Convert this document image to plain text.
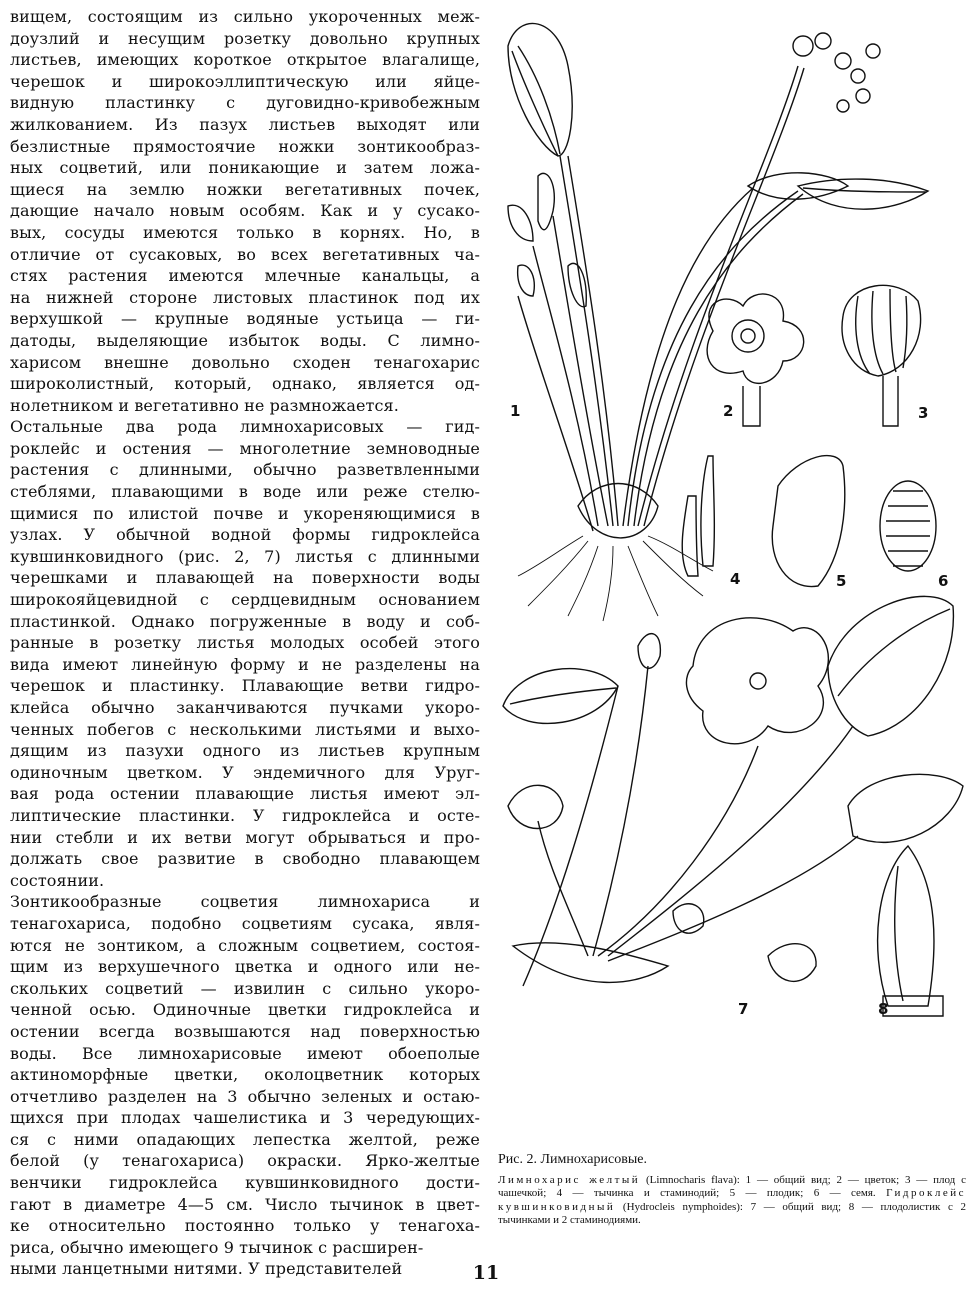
вищем, состоящим из сильно укороченных меж-
доузлий и несущим розетку довольно крупных
листьев, имеющих короткое открытое влагалище,
черешок и широкоэллиптическую или яйце-
видную пластинку с дуговидно-кривобежным
жилкованием. Из пазух листьев выходят или
безлистные прямостоячие ножки зонтикообраз-
ных соцветий, или поникающие и затем ложа-
щиеся на землю ножки вегетативных почек,
дающие начало новым особям. Как и у сусако-
вых, сосуды имеются только в корнях. Но, в
отличие от сусаковых, во всех вегетативных ча-
стях растения имеются млечные канальцы, а
на нижней стороне листовых пластинок под их
верхушкой — крупные водяные устьица — ги-
датоды, выделяющие избыток воды. С лимно-
харисом внешне довольно сходен тенагохарис
широколистный, который, однако, является од-
нолетником и вегетативно не размножается.
Остальные два рода лимнохарисовых — гид-
роклейс и остения — многолетние земноводные
растения с длинными, обычно разветвленными
стеблями, плавающими в воде или реже стелю-
щимися по илистой почве и укореняющимися в
узлах. У обычной водной формы гидроклейса
кувшинковидного (рис. 2, 7) листья с длинными
черешками и плавающей на поверхности воды
широкояйцевидной с сердцевидным основанием
пластинкой. Однако погруженные в воду и соб-
ранные в розетку листья молодых особей этого
вида имеют линейную форму и не разделены на
черешок и пластинку. Плавающие ветви гидро-
клейса обычно заканчиваются пучками укоро-
ченных побегов с несколькими листьями и выхо-
дящим из пазухи одного из листьев крупным
одиночным цветком. У эндемичного для Уруг-
вая рода остении плавающие листья имеют эл-
липтические пластинки. У гидроклейса и осте-
нии стебли и их ветви могут обрываться и про-
должать свое развитие в свободно плавающем
состоянии.
Зонтикообразные соцветия лимнохариса и
тенагохариса, подобно соцветиям сусака, явля-
ются не зонтиком, а сложным соцветием, состоя-
щим из верхушечного цветка и одного или не-
скольких соцветий — извилин с сильно укоро-
ченной осью. Одиночные цветки гидроклейса и
остении всегда возвышаются над поверхностью
воды. Все лимнохарисовые имеют обоеполые
актиноморфные цветки, околоцветник которых
отчетливо разделен на 3 обычно зеленых и остаю-
щихся при плодах чашелистика и 3 чередующих-
ся с ними опадающих лепестка желтой, реже
белой (у тенагохариса) окраски. Ярко-желтые
венчики гидроклейса кувшинковидного дости-
гают в диаметре 4—5 см. Число тычинок в цвет-
ке относительно постоянно только у тенагоха-
риса, обычно имеющего 9 тычинок с расширен-
ными ланцетными нитями. У представителей
1	2	3
4	5	6
7	8

Рис. 2. Лимнохарисовые.

Лимнохарис желтый (Limnocharis flava): 1 — общий вид; 2 — цветок; 3 — плод с чашечкой; 4 — тычинка и стаминодий; 5 — плодик; 6 — семя. Гидроклейс кувшинковидный (Hydrocleis nymphoides): 7 — общий вид; 8 — плодолистик с 2 тычинками и 2 стаминодиями.

11
